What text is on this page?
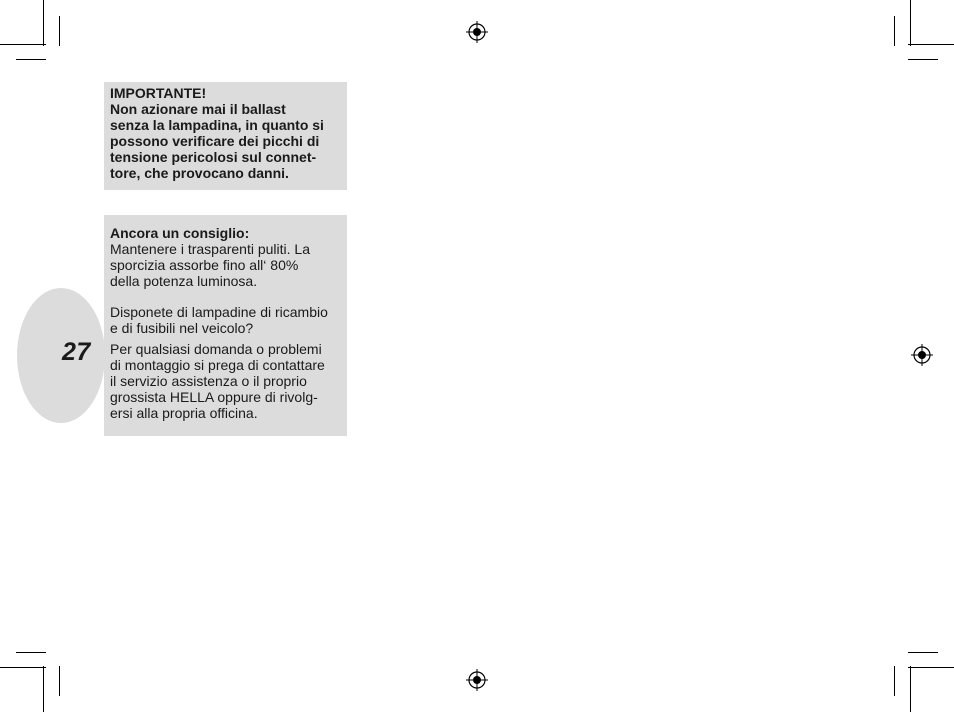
27

IMPORTANTE!

Non azionare mai il ballast
senza la lampadina, in quanto si
possono verificare dei picchi di
tensione pericolosi sul connet-
tore, che provocano danni.

Ancora un consiglio:

Mantenere i trasparenti puliti. La
sporcizia assorbe fino all‘ 80%
della potenza luminosa.

Disponete di lampadine di ricambio
e di fusibili nel veicolo?

Per qualsiasi domanda o problemi
di montaggio si prega di contattare
il servizio assistenza o il proprio
grossista HELLA oppure di rivolg-
ersi alla propria officina.
